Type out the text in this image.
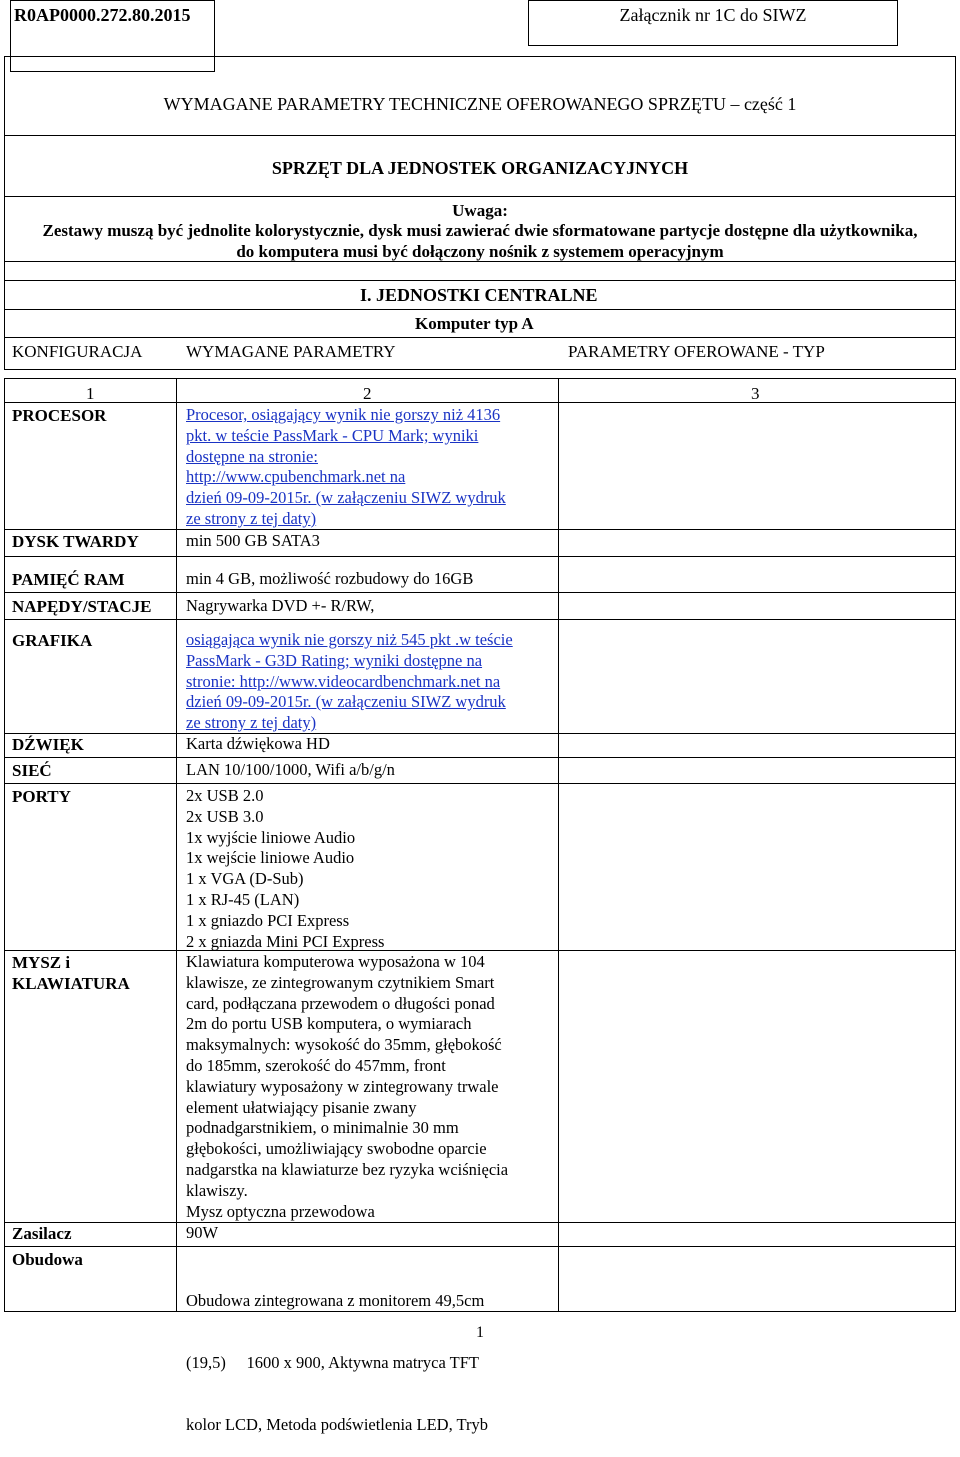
R0AP0000.272.80.2015	Załącznik nr 1C do SIWZ
WYMAGANE PARAMETRY TECHNICZNE OFEROWANEGO SPRZĘTU – część 1
SPRZĘT DLA JEDNOSTEK ORGANIZACYJNYCH
Uwaga:
Zestawy muszą być jednolite kolorystycznie, dysk musi zawierać dwie sformatowane partycje dostępne dla użytkownika,
do komputera musi być dołączony nośnik z systemem operacyjnym
I. JEDNOSTKI CENTRALNE
Komputer typ A
KONFIGURACJA	WYMAGANE PARAMETRY	PARAMETRY OFEROWANE - TYP
1	2	3
PROCESOR	Procesor, osiągający wynik nie gorszy niż 4136
pkt. w teście PassMark - CPU Mark; wyniki
dostępne na stronie:
http://www.cpubenchmark.net na
dzień 09-09-2015r. (w załączeniu SIWZ wydruk
ze strony z tej daty)
DYSK TWARDY	min 500 GB SATA3
PAMIĘĆ RAM	min 4 GB, możliwość rozbudowy do 16GB
NAPĘDY/STACJE Nagrywarka DVD +- R/RW,
GRAFIKA	osiągająca wynik nie gorszy niż 545 pkt .w teście
PassMark - G3D Rating; wyniki dostępne na
stronie: http://www.videocardbenchmark.net na
dzień 09-09-2015r. (w załączeniu SIWZ wydruk
ze strony z tej daty)
DŹWIĘK	Karta dźwiękowa HD
SIEĆ	LAN 10/100/1000, Wifi a/b/g/n
PORTY	2x USB 2.0
2x USB 3.0
1x wyjście liniowe Audio
1x wejście liniowe Audio
1 x VGA (D-Sub)
1 x RJ-45 (LAN)
1 x gniazdo PCI Express
2 x gniazda Mini PCI Express
MYSZ i
KLAWIATURA
Klawiatura komputerowa wyposażona w 104
klawisze, ze zintegrowanym czytnikiem Smart
card, podłączana przewodem o długości ponad
2m do portu USB komputera, o wymiarach
maksymalnych: wysokość do 35mm, głębokość
do 185mm, szerokość do 457mm, front
klawiatury wyposażony w zintegrowany trwale
element ułatwiający pisanie zwany
podnadgarstnikiem, o minimalnie 30 mm
głębokości, umożliwiający swobodne oparcie
nadgarstka na klawiaturze bez ryzyka wciśnięcia
klawiszy.
Mysz optyczna przewodowa
Zasilacz	90W
Obudowa

Obudowa zintegrowana z monitorem 49,5cm

(19,5)     1600 x 900, Aktywna matryca TFT

kolor LCD, Metoda podświetlenia LED, Tryb

1
